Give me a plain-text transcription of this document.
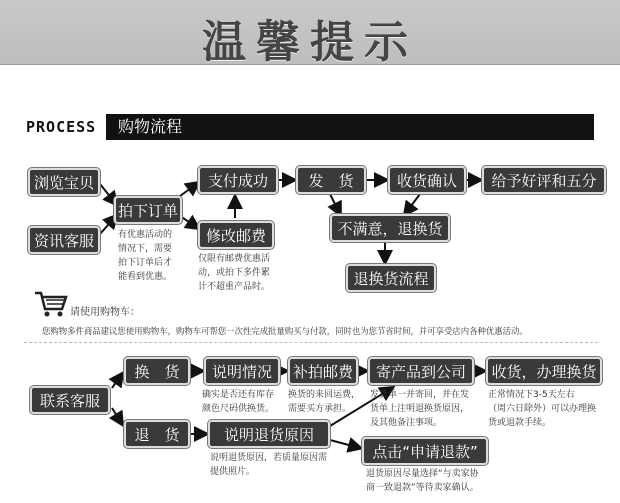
温馨提示
PROCESS	购物流程
浏览宝贝
资讯客服
拍下订单
有优惠活动的
情况下，需要
拍下订单后才
能看到优惠。
支付成功
修改邮费
仅限有邮费优惠活
动，或拍下多件累
计不超重产品时。
发　货	收货确认	给予好评和五分
不满意，退换货
退换货流程
请使用购物车：
您购物多件商品建议您使用购物车，购物车可帮您一次性完成批量购买与付款，同时也为您节省时间，并可享受店内各种优惠活动。
联系客服
换　货
退　货
说明情况
确实是否还有库存
颜色尺码供换货。
补拍邮费
换货的来回运费，
需要买方承担。
寄产品到公司
发货单一并寄回，并在发
货单上注明退换货原因，
及其他备注事项。
收货，办理换货
正常情况下3-5天左右
（周六日除外）可以办理换
货或退款手续。
说明退货原因
说明退货原因，若质量原因需
提供照片。
点击“申请退款”
退货原因尽量选择“与卖家协
商一致退款”等待卖家确认。
